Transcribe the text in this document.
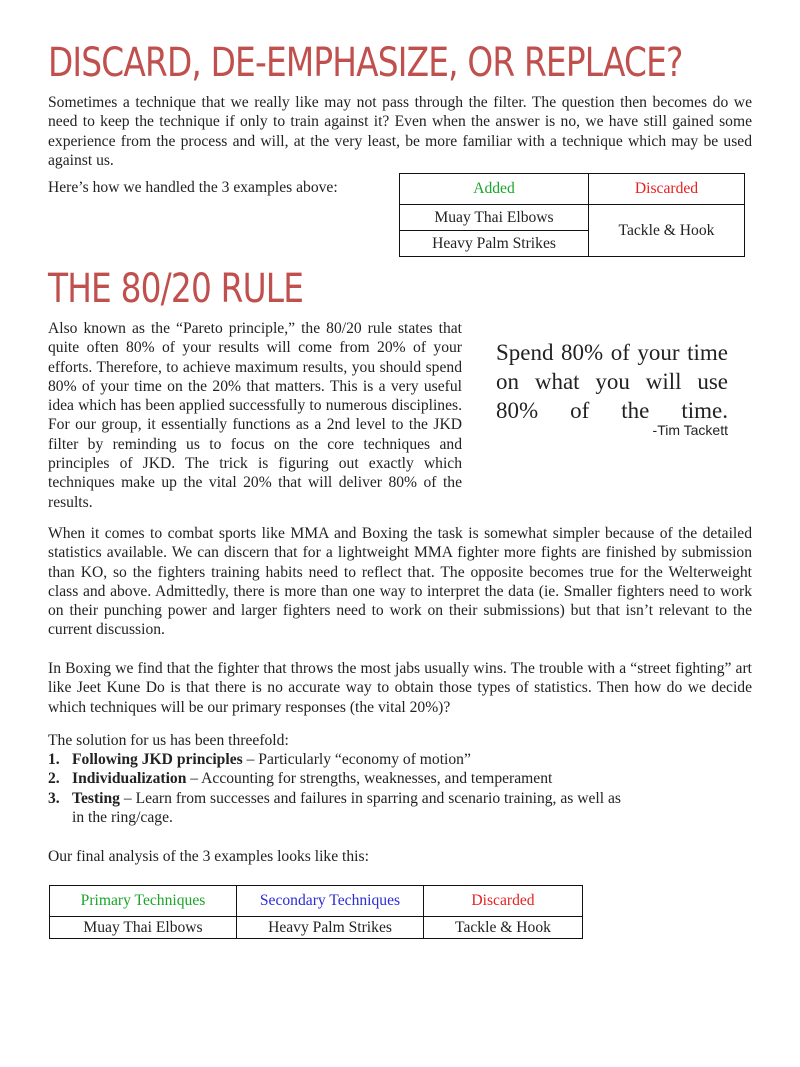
DISCARD, DE-EMPHASIZE, OR REPLACE?

Sometimes a technique that we really like may not pass through the filter. The question then becomes do we need to keep the technique if only to train against it? Even when the answer is no, we have still gained some experience from the process and will, at the very least, be more familiar with a technique which may be used against us.

Here’s how we handled the 3 examples above:	Added	Discarded
Muay Thai Elbows	Tackle & Hook
Heavy Palm Strikes	
THE 80/20 RULE

Also known as the “Pareto principle,” the 80/20 rule states that quite often 80% of your results will come from 20% of your efforts. Therefore, to achieve maximum results, you should spend 80% of your time on the 20% that matters. This is a very useful idea which has been applied successfully to numerous disciplines. For our group, it essentially functions as a 2nd level to the JKD filter by reminding us to focus on the core techniques and principles of JKD. The trick is figuring out exactly which techniques make up the vital 20% that will deliver 80% of the results.

Spend 80% of your time on what you will use 80% of the time.

-Tim Tackett

When it comes to combat sports like MMA and Boxing the task is somewhat simpler because of the detailed statistics available. We can discern that for a lightweight MMA fighter more fights are finished by submission than KO, so the fighters training habits need to reflect that. The opposite becomes true for the Welterweight class and above. Admittedly, there is more than one way to interpret the data (ie. Smaller fighters need to work on their punching power and larger fighters need to work on their submissions) but that isn’t relevant to the current discussion.

In Boxing we find that the fighter that throws the most jabs usually wins. The trouble with a “street fighting” art like Jeet Kune Do is that there is no accurate way to obtain those types of statistics. Then how do we decide which techniques will be our primary responses (the vital 20%)?

The solution for us has been threefold:

1. Following JKD principles – Particularly “economy of motion”
2. Individualization – Accounting for strengths, weaknesses, and temperament
3. Testing – Learn from successes and failures in sparring and scenario training, as well as in the ring/cage.

Our final analysis of the 3 examples looks like this:

Primary Techniques	Secondary Techniques	Discarded
Muay Thai Elbows	Heavy Palm Strikes	Tackle & Hook
